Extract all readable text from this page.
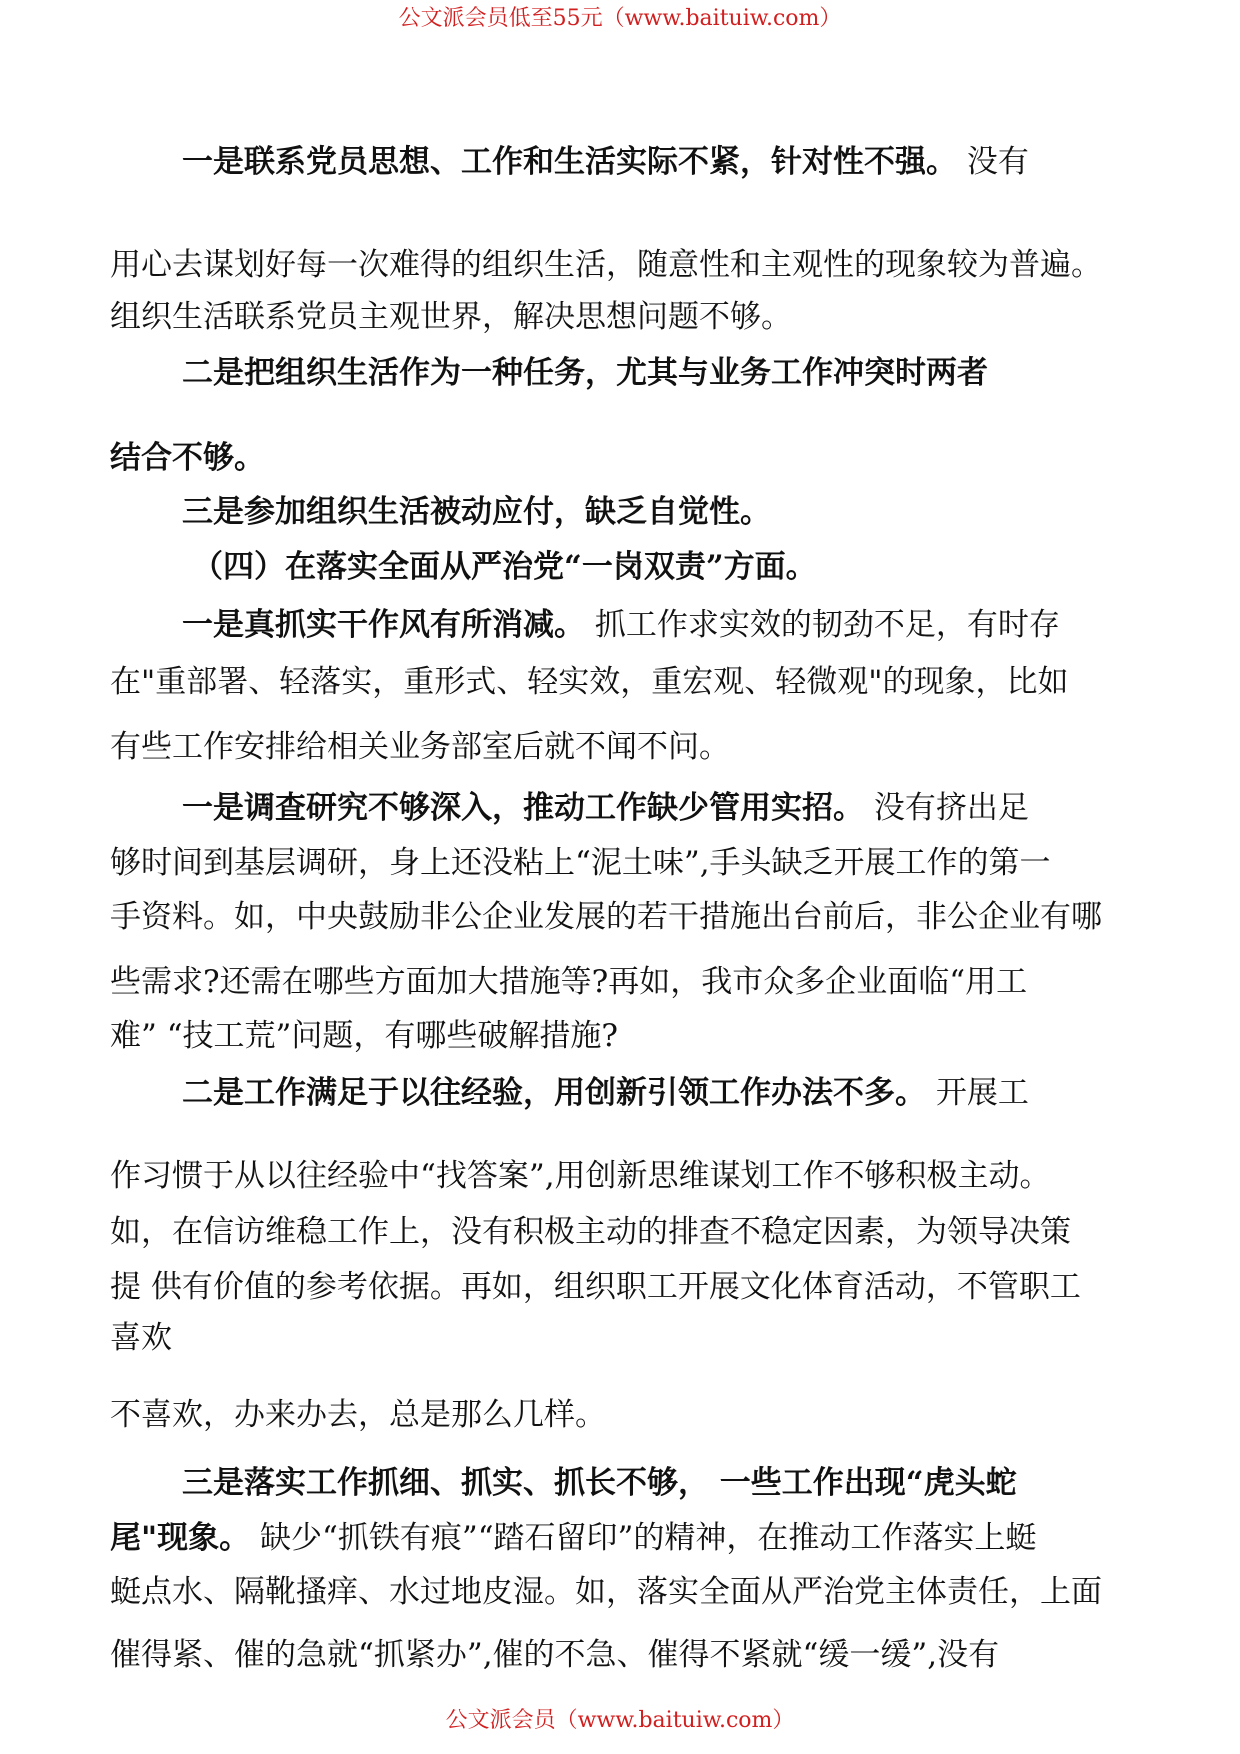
公文派会员低至55元（www.baituiw.com）
一是联系党员思想、工作和生活实际不紧，针对性不强。 没有
用心去谋划好每一次难得的组织生活，随意性和主观性的现象较为普遍。
组织生活联系党员主观世界，解决思想问题不够。
二是把组织生活作为一种任务，尤其与业务工作冲突时两者
结合不够。
三是参加组织生活被动应付，缺乏自觉性。
（四）在落实全面从严治党“一岗双责”方面。
一是真抓实干作风有所消减。 抓工作求实效的韧劲不足，有时存
在"重部署、轻落实，重形式、轻实效，重宏观、轻微观"的现象，比如
有些工作安排给相关业务部室后就不闻不问。
一是调查研究不够深入，推动工作缺少管用实招。 没有挤出足
够时间到基层调研，身上还没粘上“泥土味”,手头缺乏开展工作的第一
手资料。如，中央鼓励非公企业发展的若干措施出台前后，非公企业有哪
些需求?还需在哪些方面加大措施等?再如，我市众多企业面临“用工
难” “技工荒”问题，有哪些破解措施?
二是工作满足于以往经验，用创新引领工作办法不多。 开展工
作习惯于从以往经验中“找答案”,用创新思维谋划工作不够积极主动。
如，在信访维稳工作上，没有积极主动的排查不稳定因素，为领导决策
提 供有价值的参考依据。再如，组织职工开展文化体育活动，不管职工
喜欢
不喜欢，办来办去，总是那么几样。
三是落实工作抓细、抓实、抓长不够， 一些工作出现“虎头蛇
尾"现象。 缺少“抓铁有痕”“踏石留印”的精神，在推动工作落实上蜓
蜓点水、隔靴搔痒、水过地皮湿。如，落实全面从严治党主体责任，上面
催得紧、催的急就“抓紧办”,催的不急、催得不紧就“缓一缓”,没有
公文派会员（www.baituiw.com）
